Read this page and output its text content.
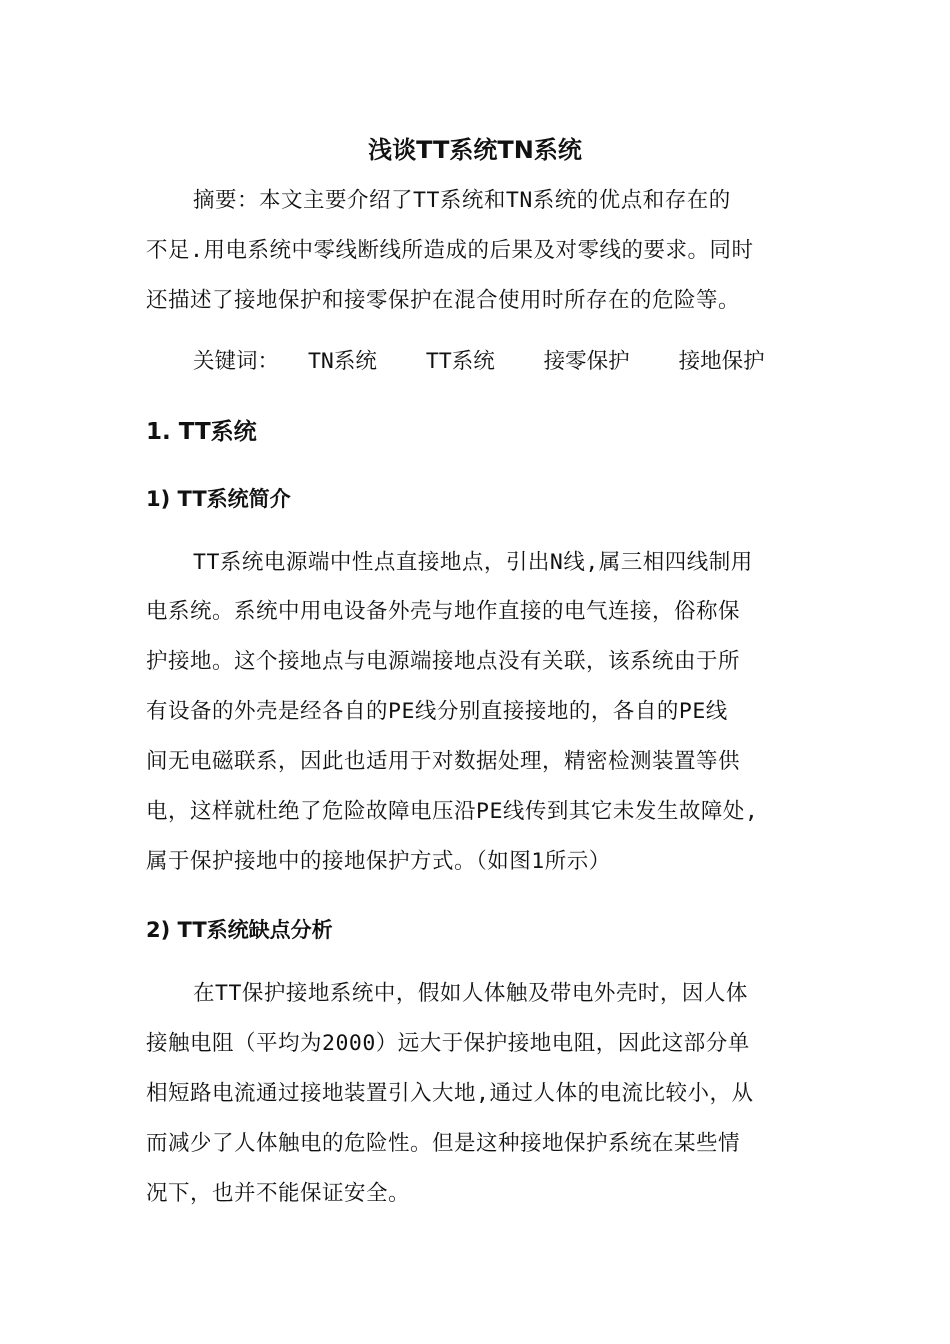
浅谈TT系统TN系统
摘要：本文主要介绍了TT系统和TN系统的优点和存在的
不足.用电系统中零线断线所造成的后果及对零线的要求。同时
还描述了接地保护和接零保护在混合使用时所存在的危险等。
关键词： TN系统 TT系统 接零保护 接地保护
1. TT系统
1) TT系统简介
TT系统电源端中性点直接地点，引出N线,属三相四线制用
电系统。系统中用电设备外壳与地作直接的电气连接，俗称保
护接地。这个接地点与电源端接地点没有关联，该系统由于所
有设备的外壳是经各自的PE线分别直接接地的，各自的PE线
间无电磁联系，因此也适用于对数据处理，精密检测装置等供
电，这样就杜绝了危险故障电压沿PE线传到其它未发生故障处,
属于保护接地中的接地保护方式。（如图1所示）
2) TT系统缺点分析
在TT保护接地系统中，假如人体触及带电外壳时，因人体
接触电阻（平均为2000）远大于保护接地电阻，因此这部分单
相短路电流通过接地装置引入大地,通过人体的电流比较小，从
而减少了人体触电的危险性。但是这种接地保护系统在某些情
况下，也并不能保证安全。
